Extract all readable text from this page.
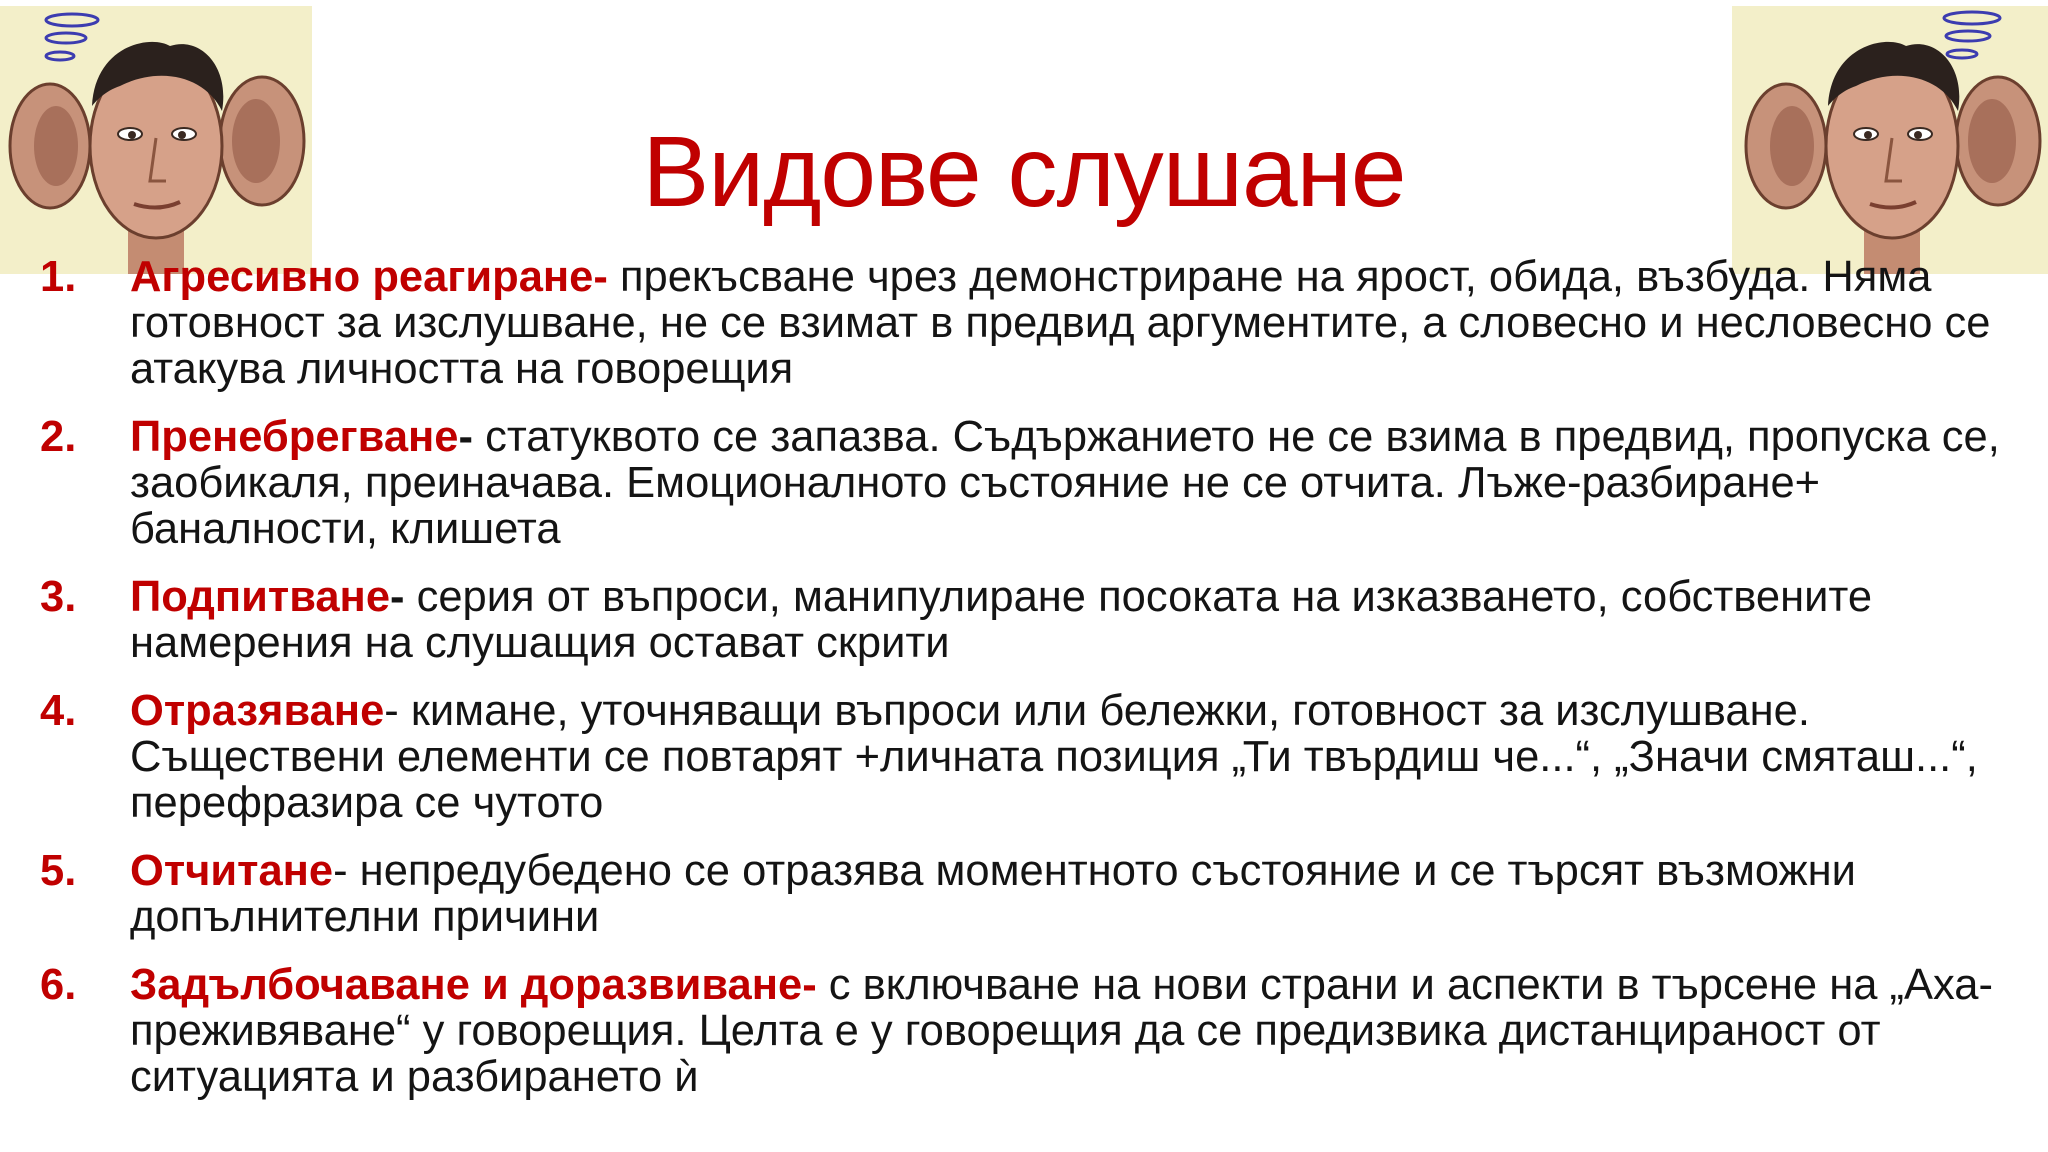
Видове слушане
1. Агресивно реагиране- прекъсване чрез демонстриране на ярост, обида, възбуда. Няма готовност за изслушване, не се взимат в предвид аргументите, а словесно и несловесно се атакува личността на говорещия
2. Пренебрегване- статуквото се запазва. Съдържанието не се взима в предвид, пропуска се, заобикаля, преиначава. Емоционалното състояние не се отчита. Лъже-разбиране+ баналности, клишета
3. Подпитване- серия от въпроси, манипулиране посоката на изказването, собствените намерения на слушащия остават скрити
4. Отразяване- кимане, уточняващи въпроси или бележки, готовност за изслушване. Съществени елементи се повтарят +личната позиция „Ти твърдиш че...“, „Значи смяташ...“, перефразира се чутото
5. Отчитане- непредубедено се отразява моментното състояние и се търсят възможни допълнителни причини
6. Задълбочаване и доразвиване- с включване на нови страни и аспекти в търсене на „Аха-преживяване“ у говорещия. Целта е у говорещия да се предизвика дистанцираност от ситуацията и разбирането ѝ
